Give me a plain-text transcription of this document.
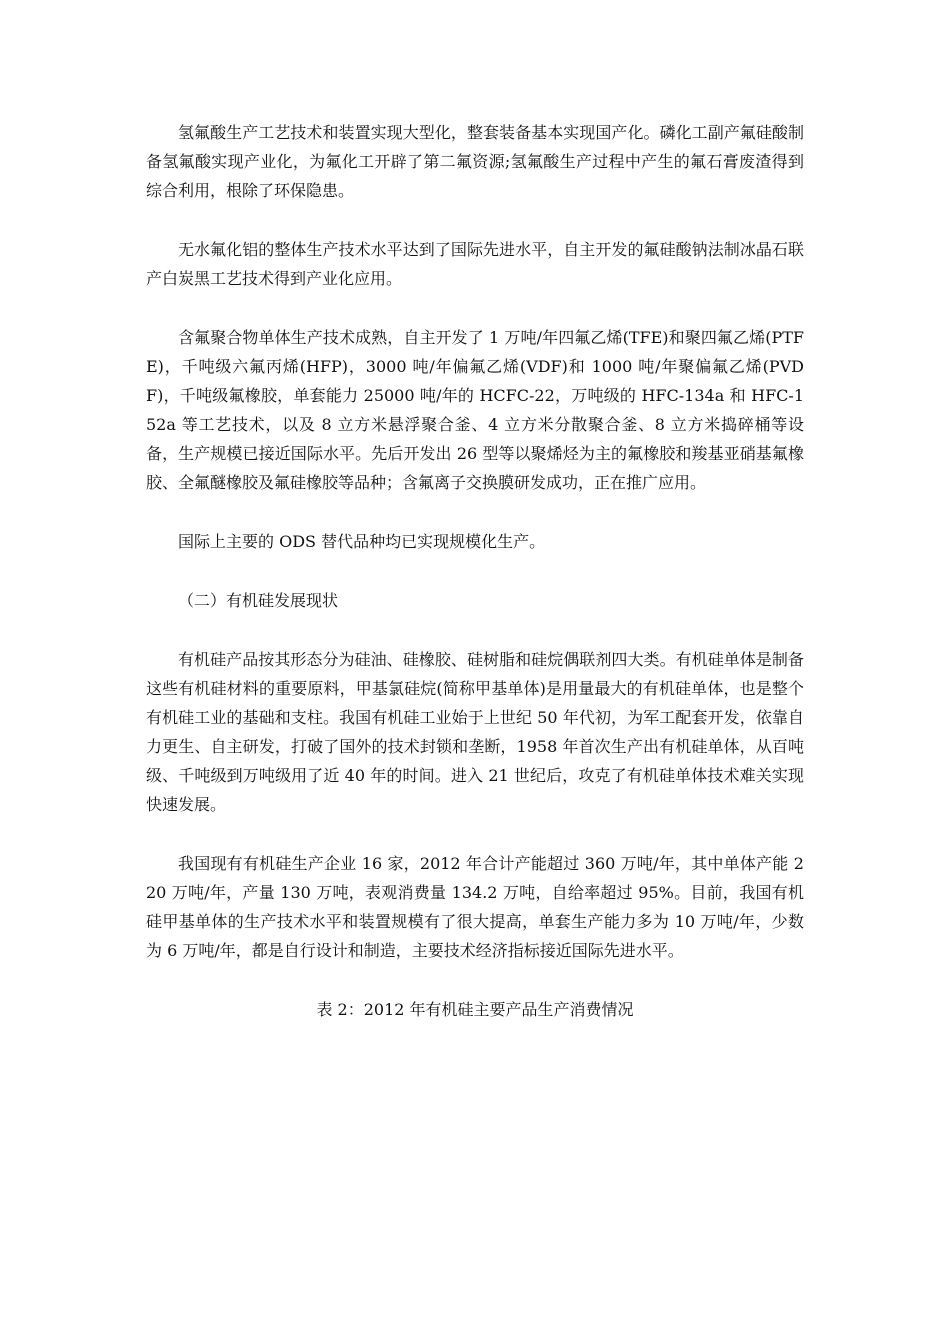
氢氟酸生产工艺技术和装置实现大型化，整套装备基本实现国产化。磷化工副产氟硅酸制备氢氟酸实现产业化，为氟化工开辟了第二氟资源;氢氟酸生产过程中产生的氟石膏废渣得到综合利用，根除了环保隐患。

无水氟化铝的整体生产技术水平达到了国际先进水平，自主开发的氟硅酸钠法制冰晶石联产白炭黑工艺技术得到产业化应用。

含氟聚合物单体生产技术成熟，自主开发了 1 万吨/年四氟乙烯(TFE)和聚四氟乙烯(PTFE)，千吨级六氟丙烯(HFP)，3000 吨/年偏氟乙烯(VDF)和 1000 吨/年聚偏氟乙烯(PVDF)，千吨级氟橡胶，单套能力 25000 吨/年的 HCFC-22，万吨级的 HFC-134a 和 HFC-152a 等工艺技术，以及 8 立方米悬浮聚合釜、4 立方米分散聚合釜、8 立方米捣碎桶等设备，生产规模已接近国际水平。先后开发出 26 型等以聚烯烃为主的氟橡胶和羧基亚硝基氟橡胶、全氟醚橡胶及氟硅橡胶等品种；含氟离子交换膜研发成功，正在推广应用。

国际上主要的 ODS 替代品种均已实现规模化生产。

（二）有机硅发展现状

有机硅产品按其形态分为硅油、硅橡胶、硅树脂和硅烷偶联剂四大类。有机硅单体是制备这些有机硅材料的重要原料，甲基氯硅烷(简称甲基单体)是用量最大的有机硅单体，也是整个有机硅工业的基础和支柱。我国有机硅工业始于上世纪 50 年代初，为军工配套开发，依靠自力更生、自主研发，打破了国外的技术封锁和垄断，1958 年首次生产出有机硅单体，从百吨级、千吨级到万吨级用了近 40 年的时间。进入 21 世纪后，攻克了有机硅单体技术难关实现快速发展。

我国现有有机硅生产企业 16 家，2012 年合计产能超过 360 万吨/年，其中单体产能 220 万吨/年，产量 130 万吨，表观消费量 134.2 万吨，自给率超过 95%。目前，我国有机硅甲基单体的生产技术水平和装置规模有了很大提高，单套生产能力多为 10 万吨/年，少数为 6 万吨/年，都是自行设计和制造，主要技术经济指标接近国际先进水平。

表 2：2012 年有机硅主要产品生产消费情况
